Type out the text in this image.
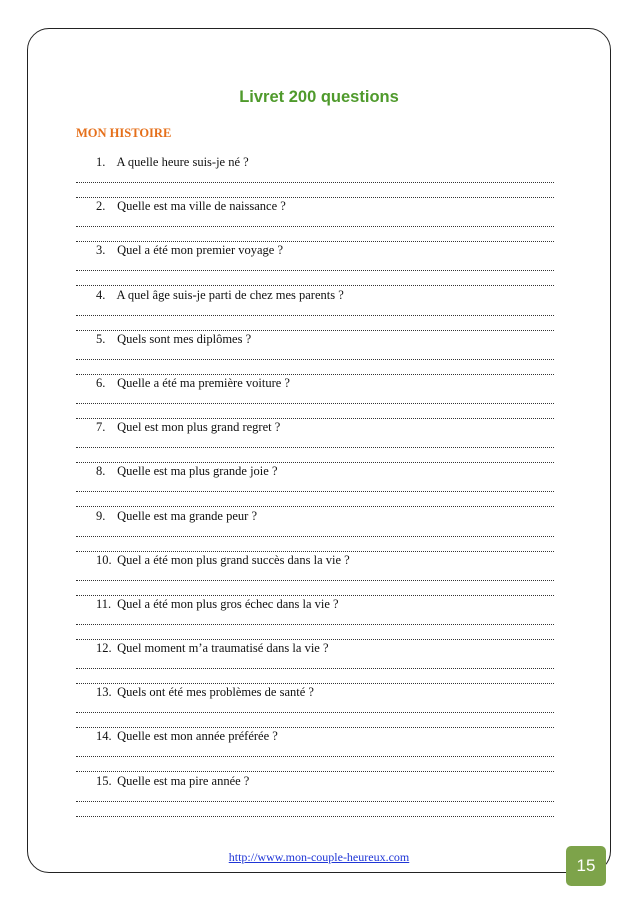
Livret 200 questions
MON HISTOIRE
1. A quelle heure suis-je né ?
2. Quelle est ma ville de naissance ?
3. Quel a été mon premier voyage ?
4. A quel âge suis-je parti de chez mes parents ?
5. Quels sont mes diplômes ?
6. Quelle a été ma première voiture ?
7. Quel est mon plus grand regret ?
8. Quelle est ma plus grande joie ?
9. Quelle est ma grande peur ?
10. Quel a été mon plus grand succès dans la vie ?
11. Quel a été mon plus gros échec dans la vie ?
12. Quel moment m’a traumatisé dans la vie ?
13. Quels ont été mes problèmes de santé ?
14. Quelle est mon année préférée ?
15. Quelle est ma pire année ?
http://www.mon-couple-heureux.com	15
